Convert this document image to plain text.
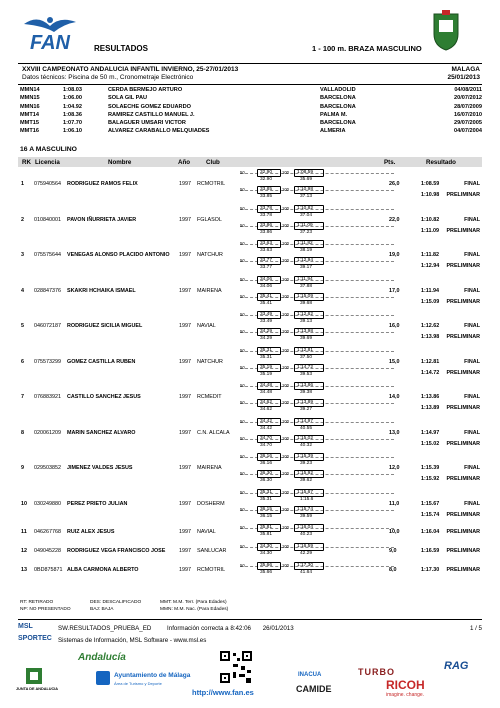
FAN	RESULTADOS	1 - 100 m. BRAZA MASCULINO
XXVIII CAMPEONATO ANDALUCIA INFANTIL INVIERNO, 25-27/01/2013
Datos técnicos: Piscina de 50 m., Cronometraje Electrónico
MALAGA
25/01/2013
MMN14	1:08.03	CERDA BERMEJO ARTURO	VALLADOLID	04/08/2011
MMN15	1:06.00	SOLA GIL PAU	BARCELONA	20/07/2012
MMN16	1:04.92	SOLAECHE GOMEZ EDUARDO	BARCELONA	28/07/2009
MMT14	1:08.36	RAMIREZ CASTILLO MANUEL J.	PALMA M.	16/07/2010
MMT15	1:07.70	BALAGUER UMSARI VICTOR	BARCELONA	29/07/2005
MMT16	1:06.10	ALVAREZ CARABALLO MELQUIADES	ALMERIA	04/07/2004
16 A MASCULINO
RK Licencia	Nombre	Año	Club	Pts.	Resultado
1 075940564 RODRIGUEZ RAMOS FELIX	1997 RCMOTRIL	26,0	1:08.59	FINAL
50	32.90 100 1:08.59
32.90	35.69
50	33.85 100 1:10.98
33.85	37.13	1:10.98 PRELIMINAR
2 010840001 PAVON IÑURRIETA JAVIER	1997 FGLASOL	22,0	1:10.82	FINAL
50	33.78 100 1:10.82
33.78	37.04
50	33.86 100 1:11.09
33.86	37.23	1:11.09 PRELIMINAR
3 075575644 VENEGAS ALONSO PLACIDO ANTONIO 1997 NATCHUR	19,0	1:11.82	FINAL
50	33.63 100 1:11.82
33.63	38.19
50	33.77 100 1:12.94
33.77	39.17	1:12.94 PRELIMINAR
4 028847376 SKAKRI HCHAIKA ISMAEL	1997 MAIRENA	17,0	1:11.94	FINAL
50	34.06 100 1:11.94
34.06	37.88
50	35.41 100 1:15.09
35.41	39.68	1:15.09 PRELIMINAR
5 046072187 RODRIGUEZ SICILIA MIGUEL	1997 NAVIAL	16,0	1:12.62	FINAL
50	33.49 100 1:12.62
33.49	39.13
50	34.29 100 1:13.98
34.29	39.69	1:13.98 PRELIMINAR
6 075573299 GOMEZ CASTILLA RUBEN	1997 NATCHUR	15,0	1:12.81	FINAL
50	35.31 100 1:12.81
35.31	37.50
50	35.19 100 1:14.72
35.19	39.53	1:14.72 PRELIMINAR
7 076883921 CASTILLO SANCHEZ JESUS	1997 RCMEDIT	14,0	1:13.86	FINAL
50	34.48 100 1:13.86
34.48	39.38
50	34.62 100 1:13.89
34.62	39.27	1:13.89 PRELIMINAR
8 020061209 MARIN SANCHEZ ALVARO	1997 C.N. ALCALA	13,0	1:14.97	FINAL
50	34.42 100 1:14.97
34.42	40.55
50	34.70 100 1:15.02
34.70	40.32	1:15.02 PRELIMINAR
9 029503852 JIMENEZ VALDES JESUS	1997 MAIRENA	12,0	1:15.39	FINAL
50	36.16 100 1:15.39
36.16	39.23
50	36.30 100 1:15.92
36.30	39.62	1:15.92 PRELIMINAR
10 030249880 PEREZ PRIETO JULIAN	1997 DOSHERM	11,0	1:15.67	FINAL
50	35.31 100 1:15.67
35.31	1:15.6
50	36.15 100 1:15.74
36.15	39.59	1:15.74 PRELIMINAR
11 046267768 RUIZ ALEX JESUS	1997 NAVIAL	10,0	1:16.04 PRELIMINAR
50	35.81 100 1:16.04
35.81	40.23
12 049045228 RODRIGUEZ VEGA FRANCISCO JOSE	1997 SANLUCAR	9,0	1:16.59 PRELIMINAR
50	34.30 100 1:16.59
34.30	42.29
13 0BD875871 ALBA CARMONA ALBERTO	1997 RCMOTRIL	8,0	1:17.30 PRELIMINAR
50	35.66 100 1:17.30
35.66	41.64
RT: RETIRADO
NP: NO PRESENTADO
DES: DESCALIFICADO
BAJ: BAJA
MMT: M.M. Terr. (Para Edades)
MMN: M.M. Nac. (Para Edades)
MSL
SPORTEC
SW.RESULTADOS_PRUEBA_ED	Información correcta a 8:42:06 26/01/2013
Sistemas de Información, MSL Software - www.msl.es
1 / 5
Andalucía
JUNTA DE ANDALUCIA
Ayuntamiento de Málaga
Área de Turismo y Deporte
http://www.fan.es
INACUA
CAMIDE
TURBO
RICOH
imagine. change.
RAG
